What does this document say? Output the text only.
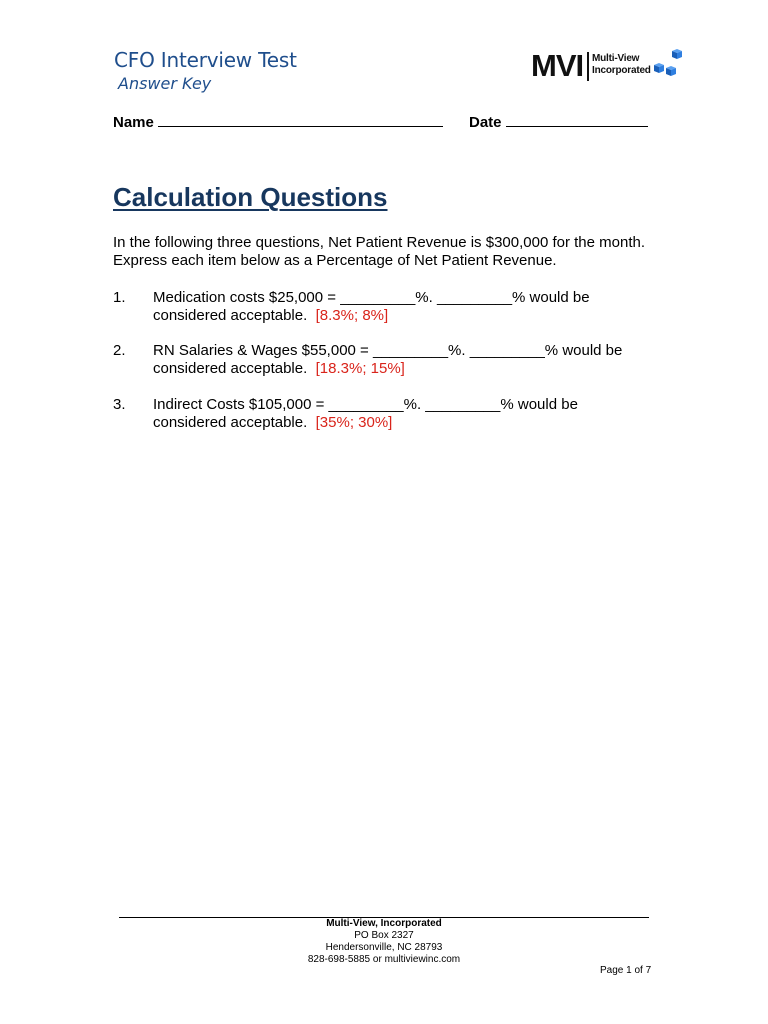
CFO Interview Test
Answer Key
MVI Multi-View
Incorporated
Name	Date
Calculation Questions
In the following three questions, Net Patient Revenue is $300,000 for the month.
Express each item below as a Percentage of Net Patient Revenue.
1. Medication costs $25,000 = _________%. _________% would be
considered acceptable. [8.3%; 8%]
2. RN Salaries & Wages $55,000 = _________%. _________% would be
considered acceptable. [18.3%; 15%]
3. Indirect Costs $105,000 = _________%. _________% would be
considered acceptable. [35%; 30%]
Multi-View, Incorporated
PO Box 2327
Hendersonville, NC 28793
828-698-5885 or multiviewinc.com
Page 1 of 7
